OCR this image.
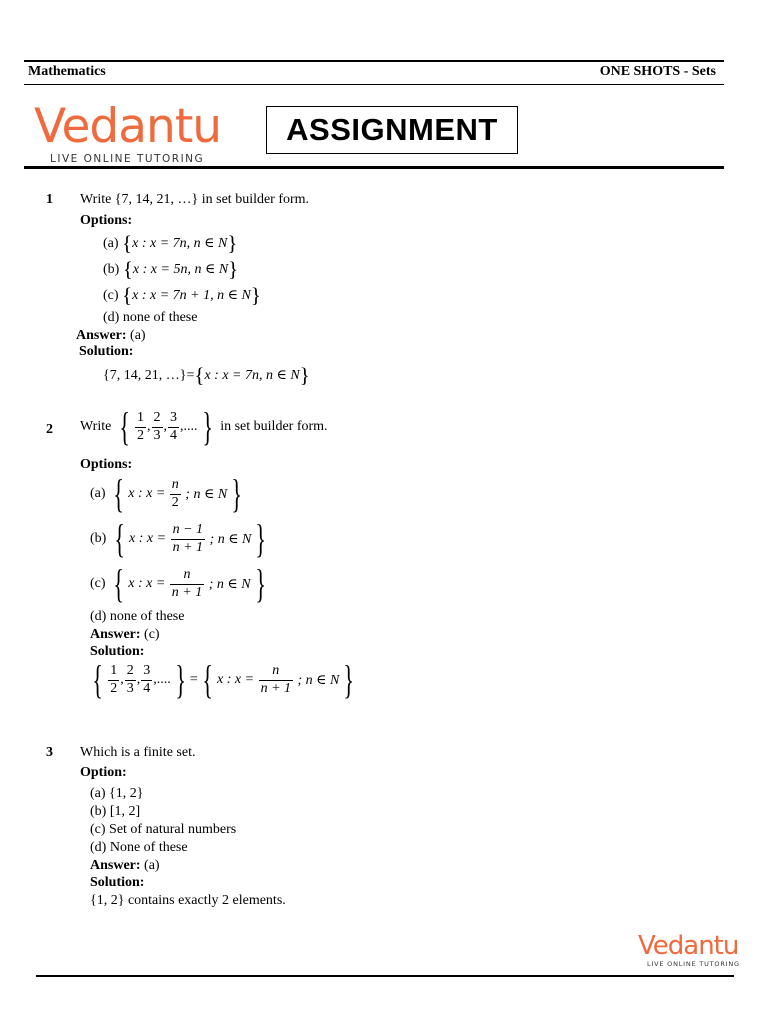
Mathematics	ONE SHOTS - Sets
Vedantu
LIVE ONLINE TUTORING
ASSIGNMENT
1 Write {7, 14, 21, …} in set builder form.
Options:
(a)
{ x : x = 7n, n ∈ N }
(b)
{ x : x = 5n, n ∈ N }
(c)
{ x : x = 7n + 1, n ∈ N }
(d)
none of these
Answer:
(a)
Solution:
{7, 14, 21, …}= { x : x = 7n, n ∈ N }
2 Write
{ $\frac{1}{2}$ , $\frac{2}{3}$ , $\frac{3}{4}$ ,.... }
in set builder form.
Options:
(a)
{ x : x =
$\frac{n}{2}$
; n ∈ N }
(b)
{ x : x =
$\frac{n - 1}{n + 1}$
; n ∈ N }
(c)
{ x : x =
$\frac{n}{n + 1}$
; n ∈ N }
(d)
none of these
Answer:
(c)
Solution:
{ $\frac{1}{2}$ , $\frac{2}{3}$ , $\frac{3}{4}$ ,.... } = { x : x =
$\frac{n}{n + 1}$
; n ∈ N }
3 Which is a finite set.
Option:
(a)
{1, 2}
(b)
[1, 2]
(c)
Set of natural numbers
(d)
None of these
Answer:
(a)
Solution:
{1, 2} contains exactly 2 elements.
Vedantu
LIVE ONLINE TUTORING
